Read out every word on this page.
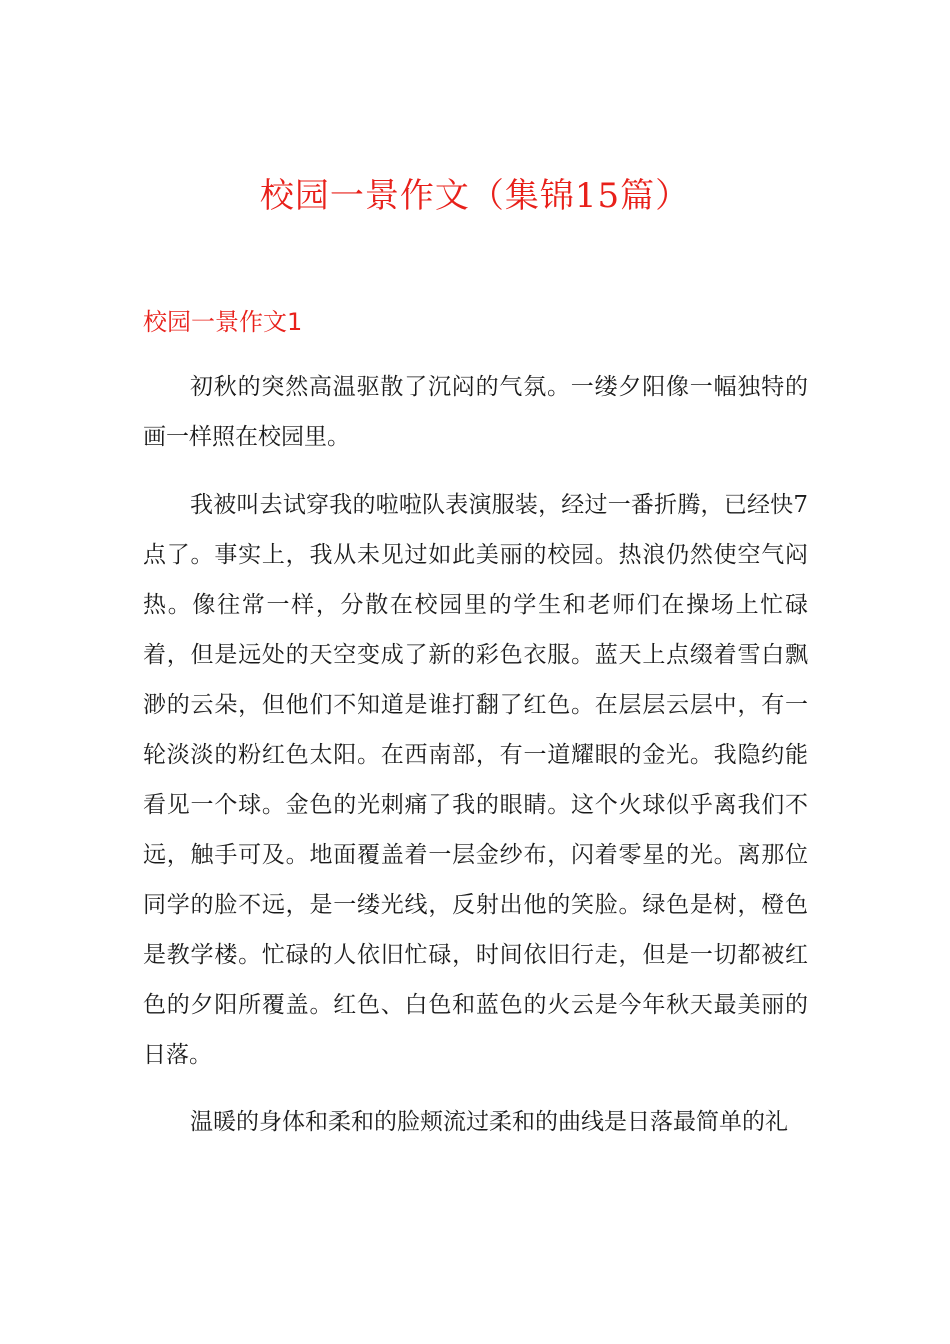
校园一景作文（集锦15篇）
校园一景作文1

初秋的突然高温驱散了沉闷的气氛。一缕夕阳像一幅独特的画一样照在校园里。

我被叫去试穿我的啦啦队表演服装，经过一番折腾，已经快7点了。事实上，我从未见过如此美丽的校园。热浪仍然使空气闷热。像往常一样，分散在校园里的学生和老师们在操场上忙碌着，但是远处的天空变成了新的彩色衣服。蓝天上点缀着雪白飘渺的云朵，但他们不知道是谁打翻了红色。在层层云层中，有一轮淡淡的粉红色太阳。在西南部，有一道耀眼的金光。我隐约能看见一个球。金色的光刺痛了我的眼睛。这个火球似乎离我们不远，触手可及。地面覆盖着一层金纱布，闪着零星的光。离那位同学的脸不远，是一缕光线，反射出他的笑脸。绿色是树，橙色是教学楼。忙碌的人依旧忙碌，时间依旧行走，但是一切都被红色的夕阳所覆盖。红色、白色和蓝色的火云是今年秋天最美丽的日落。

温暖的身体和柔和的脸颊流过柔和的曲线是日落最简单的礼
